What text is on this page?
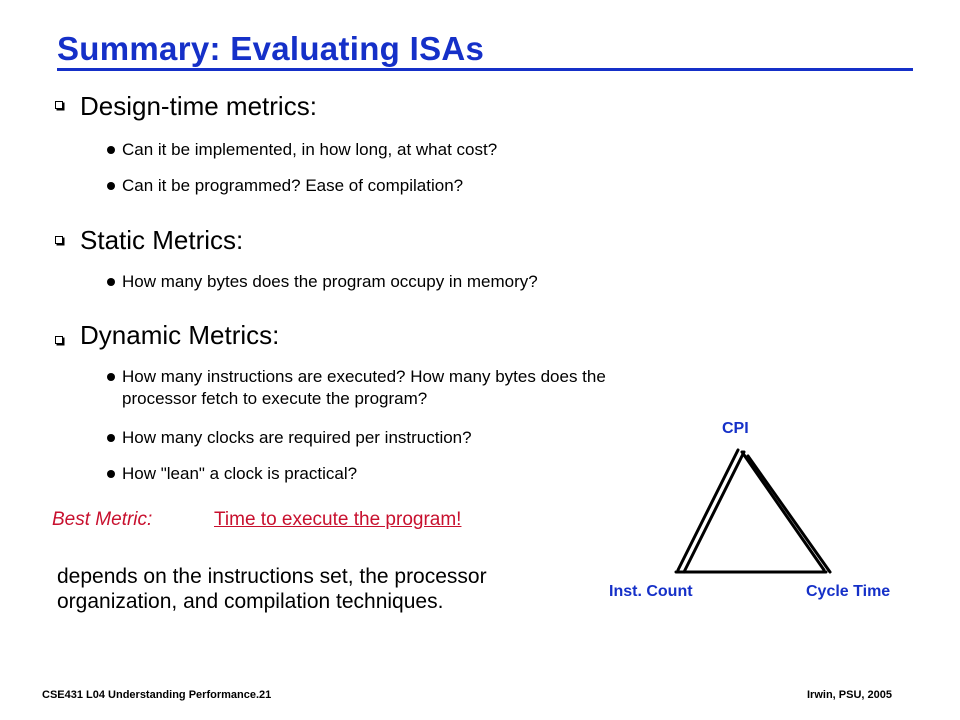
Summary: Evaluating ISAs
Design-time metrics:
Can it be implemented, in how long, at what cost?
Can it be programmed? Ease of compilation?
Static Metrics:
How many bytes does the program occupy in memory?
Dynamic Metrics:
How many instructions are executed? How many bytes does the
processor fetch to execute the program?
How many clocks are required per instruction?
How "lean" a clock is practical?
Best Metric:	Time to execute the program!
depends on the instructions set, the processor organization, and compilation techniques.
CPI
Inst. Count	Cycle Time
CSE431 L04 Understanding Performance.21	Irwin, PSU, 2005
